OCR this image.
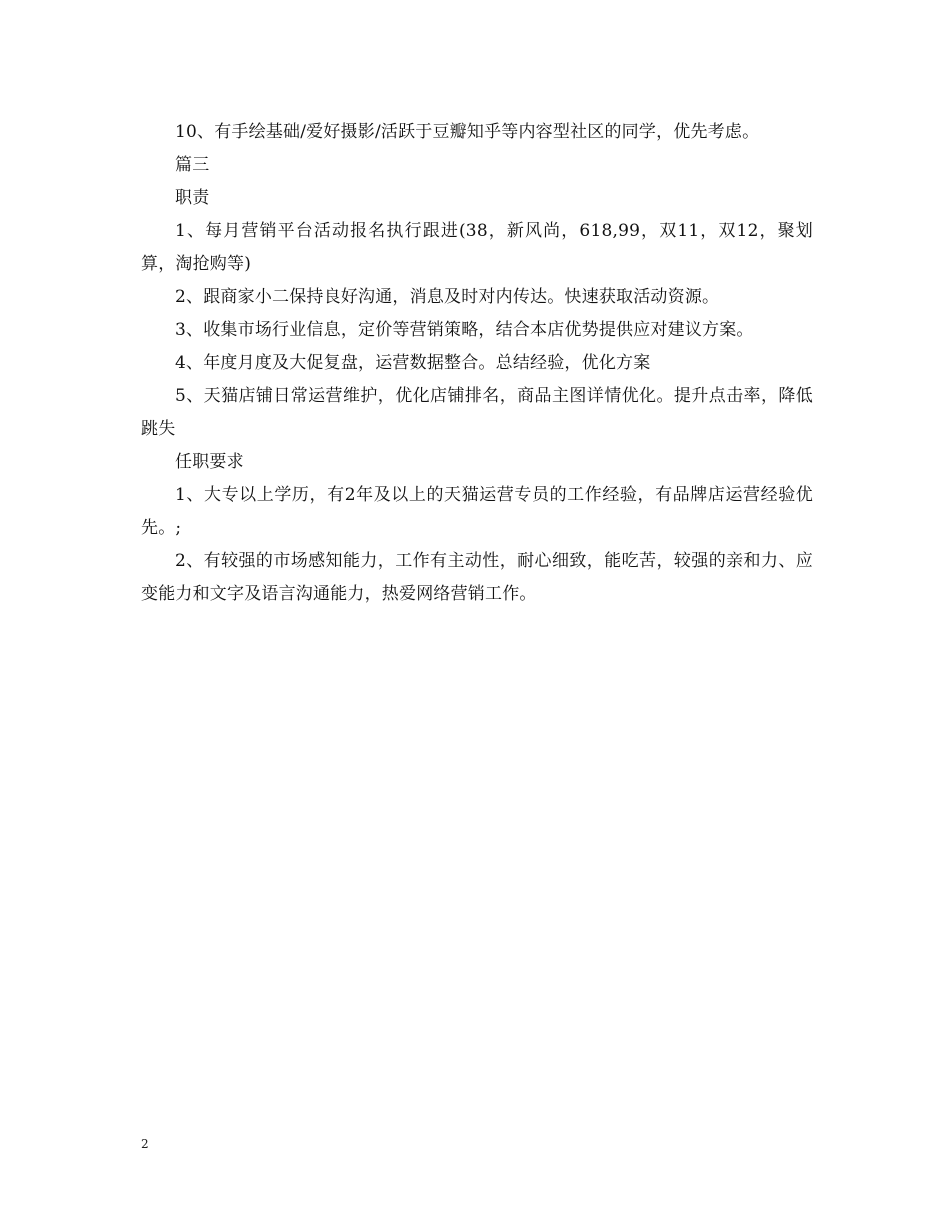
10、有手绘基础/爱好摄影/活跃于豆瓣知乎等内容型社区的同学，优先考虑。

篇三

职责

1、每月营销平台活动报名执行跟进(38，新风尚，618,99，双11，双12，聚划算，淘抢购等)

2、跟商家小二保持良好沟通，消息及时对内传达。快速获取活动资源。

3、收集市场行业信息，定价等营销策略，结合本店优势提供应对建议方案。

4、年度月度及大促复盘，运营数据整合。总结经验，优化方案

5、天猫店铺日常运营维护，优化店铺排名，商品主图详情优化。提升点击率，降低跳失

任职要求

1、大专以上学历，有2年及以上的天猫运营专员的工作经验，有品牌店运营经验优先。;

2、有较强的市场感知能力，工作有主动性，耐心细致，能吃苦，较强的亲和力、应变能力和文字及语言沟通能力，热爱网络营销工作。

2
